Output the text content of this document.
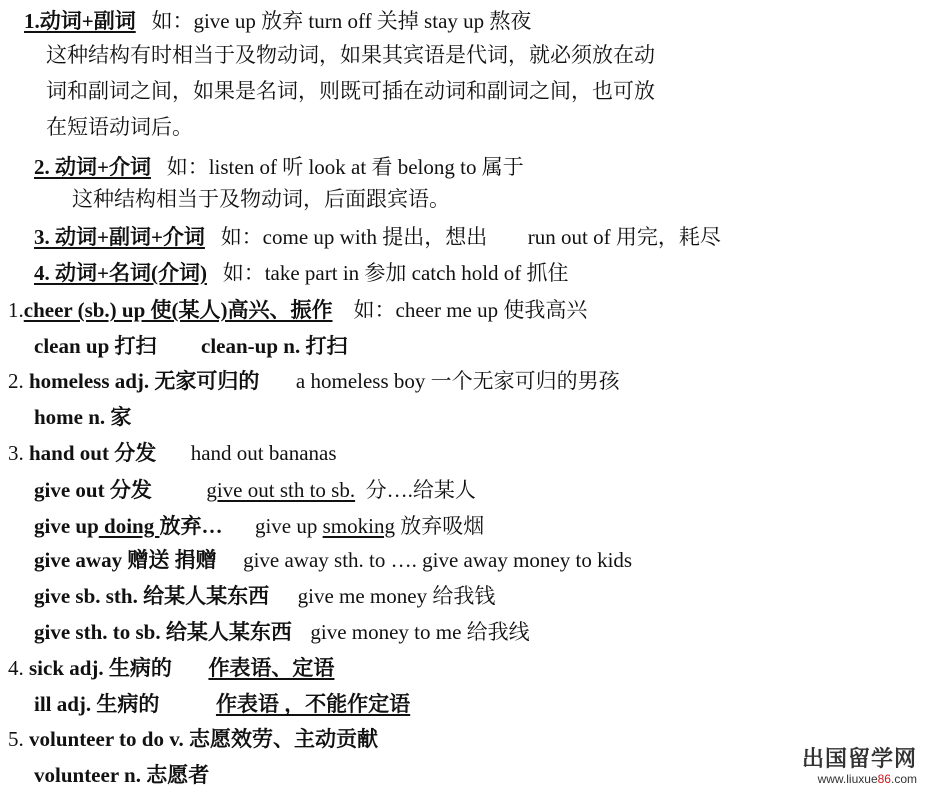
1.动词+副词 如：give up 放弃 turn off 关掉 stay up 熬夜
这种结构有时相当于及物动词，如果其宾语是代词，就必须放在动
词和副词之间，如果是名词，则既可插在动词和副词之间，也可放
在短语动词后。
2. 动词+介词 如：listen of 听 look at 看 belong to 属于
这种结构相当于及物动词，后面跟宾语。
3. 动词+副词+介词 如：come up with 提出，想出 run out of 用完，耗尽
4. 动词+名词(介词) 如：take part in 参加 catch hold of 抓住
1.cheer (sb.) up 使(某人)高兴、振作 如：cheer me up 使我高兴
clean up 打扫 clean-up n. 打扫
2. homeless adj. 无家可归的 a homeless boy 一个无家可归的男孩
home n. 家
3. hand out 分发 hand out bananas
give out 分发	give out sth to sb. 分….给某人
give up doing 放弃… give up smoking 放弃吸烟
give away 赠送 捐赠 give away sth. to …. give away money to kids
give sb. sth. 给某人某东西 give me money 给我钱
give sth. to sb. 给某人某东西 give money to me 给我线
4. sick adj. 生病的 作表语、定语
ill adj. 生病的	作表语 ，不能作定语
5. volunteer to do v. 志愿效劳、主动贡献
volunteer n. 志愿者
出国留学网
www.liuxue86.com
